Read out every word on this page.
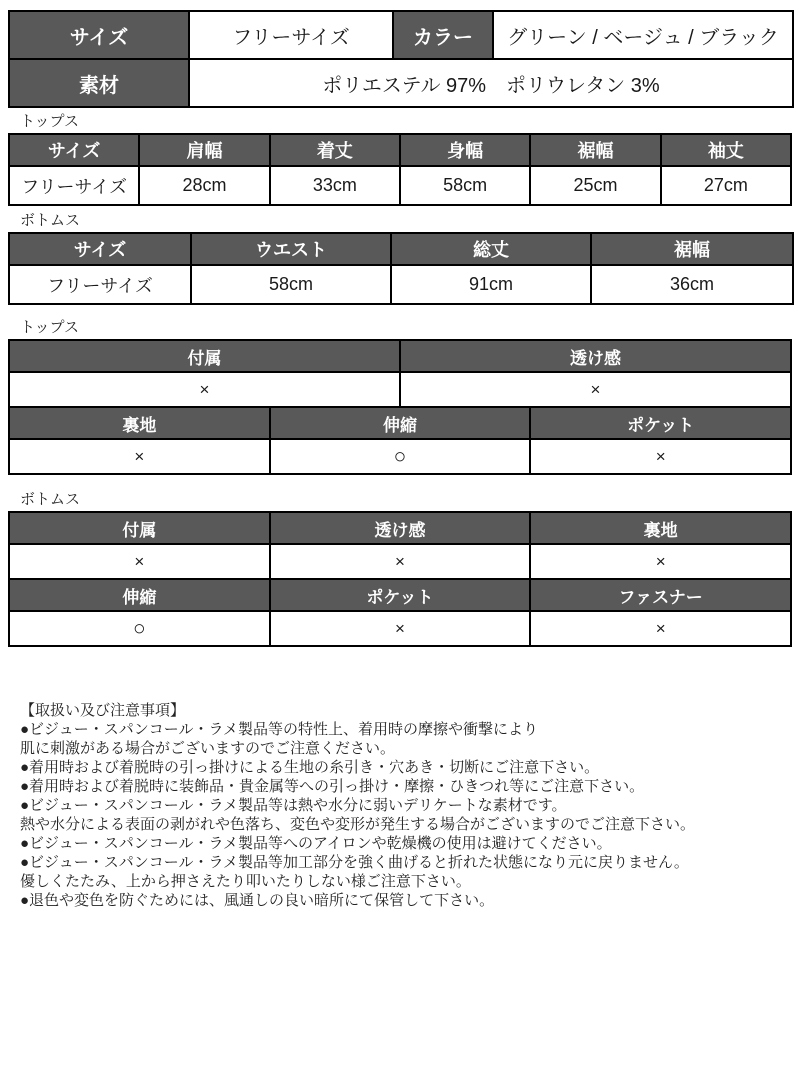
サイズ	フリーサイズ	カラー	グリーン / ベージュ / ブラック
素材	ポリエステル 97%　ポリウレタン 3%		
トップス
サイズ	肩幅	着丈	身幅	裾幅	袖丈
フリーサイズ	28cm	33cm	58cm	25cm	27cm
ボトムス
サイズ	ウエスト	総丈	裾幅
フリーサイズ	58cm	91cm	36cm
トップス
付属		透け感	
×		×	
裏地	伸縮		ポケット
×	○		×
ボトムス
付属	透け感	裏地
×	×	×
伸縮	ポケット	ファスナー
○	×	×
【取扱い及び注意事項】
●ビジュー・スパンコール・ラメ製品等の特性上、着用時の摩擦や衝撃により
肌に刺激がある場合がございますのでご注意ください。
●着用時および着脱時の引っ掛けによる生地の糸引き・穴あき・切断にご注意下さい。
●着用時および着脱時に装飾品・貴金属等への引っ掛け・摩擦・ひきつれ等にご注意下さい。
●ビジュー・スパンコール・ラメ製品等は熱や水分に弱いデリケートな素材です。
熱や水分による表面の剥がれや色落ち、変色や変形が発生する場合がございますのでご注意下さい。
●ビジュー・スパンコール・ラメ製品等へのアイロンや乾燥機の使用は避けてください。
●ビジュー・スパンコール・ラメ製品等加工部分を強く曲げると折れた状態になり元に戻りません。
優しくたたみ、上から押さえたり叩いたりしない様ご注意下さい。
●退色や変色を防ぐためには、風通しの良い暗所にて保管して下さい。
